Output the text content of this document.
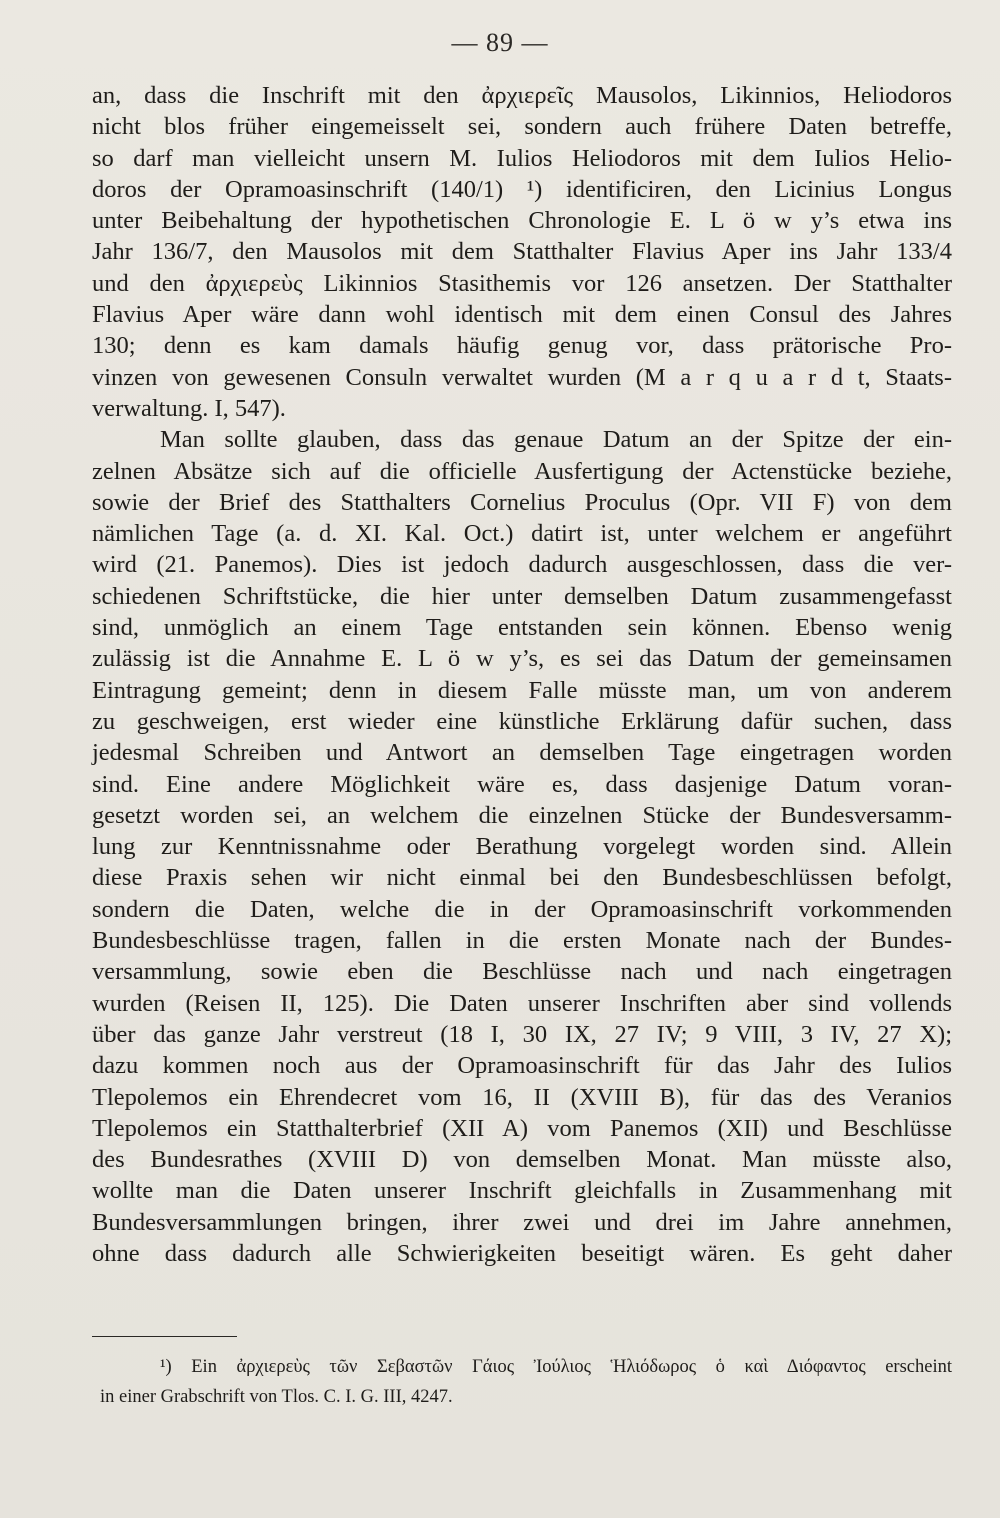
— 89 —
an, dass die Inschrift mit den ἀρχιερεῖς Mausolos, Likinnios, Heliodoros
nicht blos früher eingemeisselt sei, sondern auch frühere Daten betreffe,
so darf man vielleicht unsern M. Iulios Heliodoros mit dem Iulios Helio-
doros der Opramoasinschrift (140/1) ¹) identificiren, den Licinius Longus
unter Beibehaltung der hypothetischen Chronologie E. L ö w y’s etwa ins
Jahr 136/7, den Mausolos mit dem Statthalter Flavius Aper ins Jahr 133/4
und den ἀρχιερεὺς Likinnios Stasithemis vor 126 ansetzen. Der Statthalter
Flavius Aper wäre dann wohl identisch mit dem einen Consul des Jahres
130; denn es kam damals häufig genug vor, dass prätorische Pro-
vinzen von gewesenen Consuln verwaltet wurden (M a r q u a r d t, Staats-
verwaltung. I, 547).
Man sollte glauben, dass das genaue Datum an der Spitze der ein-
zelnen Absätze sich auf die officielle Ausfertigung der Actenstücke beziehe,
sowie der Brief des Statthalters Cornelius Proculus (Opr. VII F) von dem
nämlichen Tage (a. d. XI. Kal. Oct.) datirt ist, unter welchem er angeführt
wird (21. Panemos). Dies ist jedoch dadurch ausgeschlossen, dass die ver-
schiedenen Schriftstücke, die hier unter demselben Datum zusammengefasst
sind, unmöglich an einem Tage entstanden sein können. Ebenso wenig
zulässig ist die Annahme E. L ö w y’s, es sei das Datum der gemeinsamen
Eintragung gemeint; denn in diesem Falle müsste man, um von anderem
zu geschweigen, erst wieder eine künstliche Erklärung dafür suchen, dass
jedesmal Schreiben und Antwort an demselben Tage eingetragen worden
sind. Eine andere Möglichkeit wäre es, dass dasjenige Datum voran-
gesetzt worden sei, an welchem die einzelnen Stücke der Bundesversamm-
lung zur Kenntnissnahme oder Berathung vorgelegt worden sind. Allein
diese Praxis sehen wir nicht einmal bei den Bundesbeschlüssen befolgt,
sondern die Daten, welche die in der Opramoasinschrift vorkommenden
Bundesbeschlüsse tragen, fallen in die ersten Monate nach der Bundes-
versammlung, sowie eben die Beschlüsse nach und nach eingetragen
wurden (Reisen II, 125). Die Daten unserer Inschriften aber sind vollends
über das ganze Jahr verstreut (18 I, 30 IX, 27 IV; 9 VIII, 3 IV, 27 X);
dazu kommen noch aus der Opramoasinschrift für das Jahr des Iulios
Tlepolemos ein Ehrendecret vom 16, II (XVIII B), für das des Veranios
Tlepolemos ein Statthalterbrief (XII A) vom Panemos (XII) und Beschlüsse
des Bundesrathes (XVIII D) von demselben Monat. Man müsste also,
wollte man die Daten unserer Inschrift gleichfalls in Zusammenhang mit
Bundesversammlungen bringen, ihrer zwei und drei im Jahre annehmen,
ohne dass dadurch alle Schwierigkeiten beseitigt wären. Es geht daher
¹) Ein ἀρχιερεὺς τῶν Σεβαστῶν Γάιος Ἰούλιος Ἡλιόδωρος ὁ καὶ Διόφαντος erscheint
in einer Grabschrift von Tlos. C. I. G. III, 4247.
